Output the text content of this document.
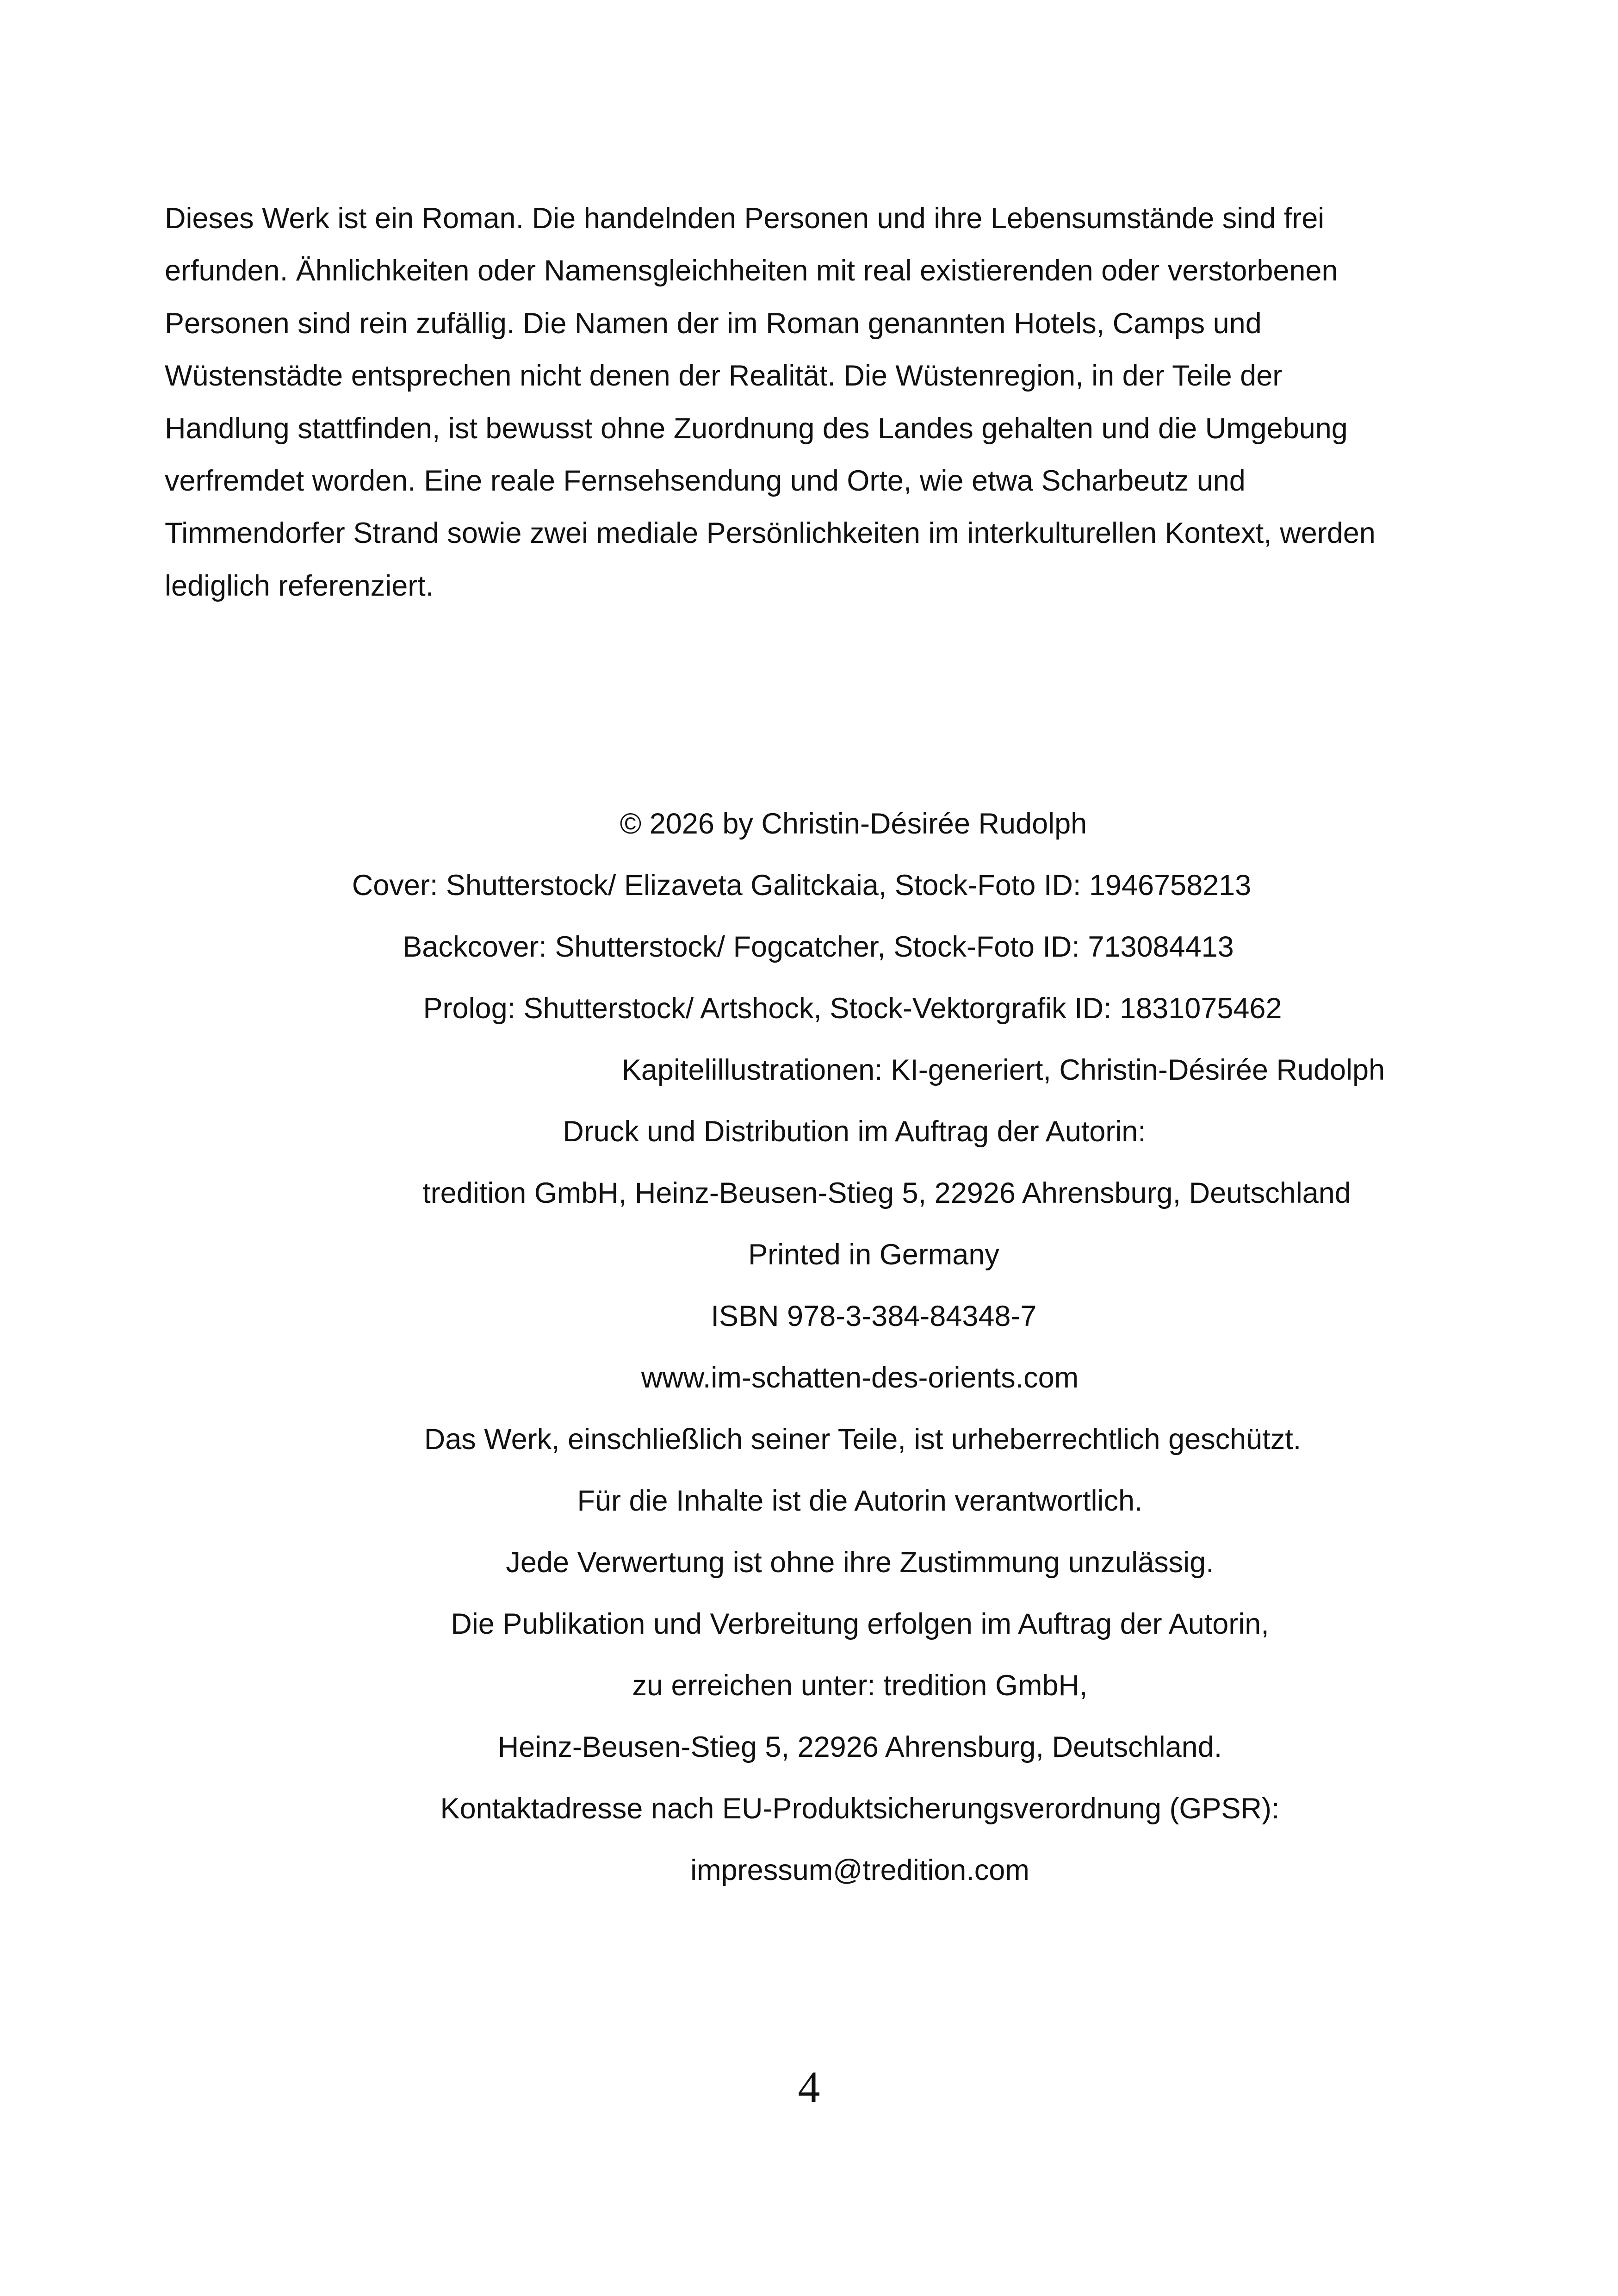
Dieses Werk ist ein Roman. Die handelnden Personen und ihre Lebensumstände sind frei
erfunden. Ähnlichkeiten oder Namensgleichheiten mit real existierenden oder verstorbenen
Personen sind rein zufällig. Die Namen der im Roman genannten Hotels, Camps und
Wüstenstädte entsprechen nicht denen der Realität. Die Wüstenregion, in der Teile der
Handlung stattfinden, ist bewusst ohne Zuordnung des Landes gehalten und die Umgebung
verfremdet worden. Eine reale Fernsehsendung und Orte, wie etwa Scharbeutz und
Timmendorfer Strand sowie zwei mediale Persönlichkeiten im interkulturellen Kontext, werden
lediglich referenziert.

© 2026 by Christin-Désirée Rudolph

Cover: Shutterstock/ Elizaveta Galitckaia, Stock-Foto ID: 1946758213

Backcover: Shutterstock/ Fogcatcher, Stock-Foto ID: 713084413

Prolog: Shutterstock/ Artshock, Stock-Vektorgrafik ID: 1831075462

Kapitelillustrationen: KI-generiert, Christin-Désirée Rudolph

Druck und Distribution im Auftrag der Autorin:

tredition GmbH, Heinz-Beusen-Stieg 5, 22926 Ahrensburg, Deutschland

Printed in Germany

ISBN 978-3-384-84348-7

www.im-schatten-des-orients.com

Das Werk, einschließlich seiner Teile, ist urheberrechtlich geschützt.

Für die Inhalte ist die Autorin verantwortlich.

Jede Verwertung ist ohne ihre Zustimmung unzulässig.

Die Publikation und Verbreitung erfolgen im Auftrag der Autorin,

zu erreichen unter: tredition GmbH,

Heinz-Beusen-Stieg 5, 22926 Ahrensburg, Deutschland.

Kontaktadresse nach EU-Produktsicherungsverordnung (GPSR):

impressum@tredition.com

4
